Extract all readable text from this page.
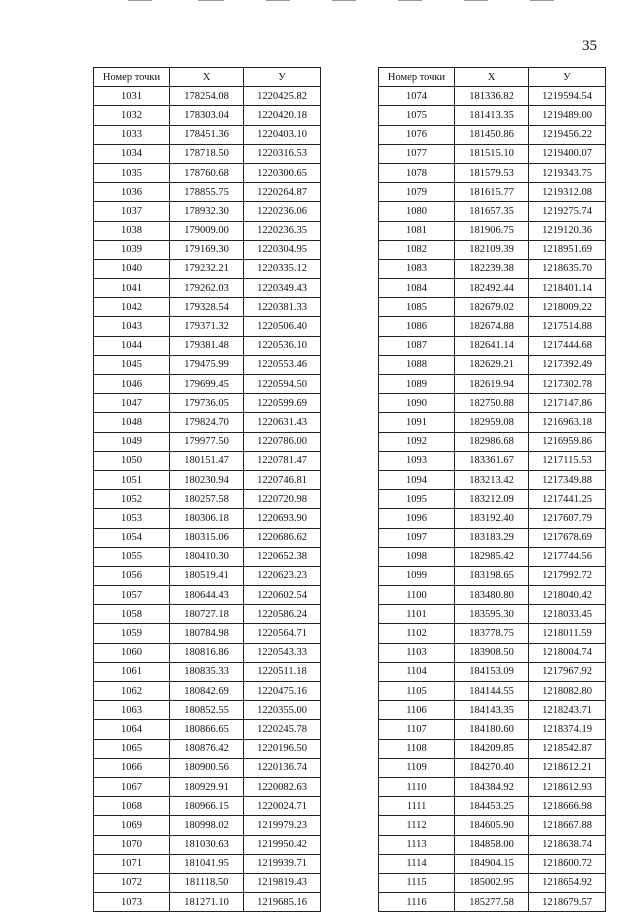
35
Номер точки	X	У
1031	178254.08	1220425.82
1032	178303.04	1220420.18
1033	178451.36	1220403.10
1034	178718.50	1220316.53
1035	178760.68	1220300.65
1036	178855.75	1220264.87
1037	178932.30	1220236.06
1038	179009.00	1220236.35
1039	179169.30	1220304.95
1040	179232.21	1220335.12
1041	179262.03	1220349.43
1042	179328.54	1220381.33
1043	179371.32	1220506.40
1044	179381.48	1220536.10
1045	179475.99	1220553.46
1046	179699.45	1220594.50
1047	179736.05	1220599.69
1048	179824.70	1220631.43
1049	179977.50	1220786.00
1050	180151.47	1220781.47
1051	180230.94	1220746.81
1052	180257.58	1220720.98
1053	180306.18	1220693.90
1054	180315.06	1220686.62
1055	180410.30	1220652.38
1056	180519.41	1220623.23
1057	180644.43	1220602.54
1058	180727.18	1220586.24
1059	180784.98	1220564.71
1060	180816.86	1220543.33
1061	180835.33	1220511.18
1062	180842.69	1220475.16
1063	180852.55	1220355.00
1064	180866.65	1220245.78
1065	180876.42	1220196.50
1066	180900.56	1220136.74
1067	180929.91	1220082.63
1068	180966.15	1220024.71
1069	180998.02	1219979.23
1070	181030.63	1219950.42
1071	181041.95	1219939.71
1072	181118.50	1219819.43
1073	181271.10	1219685.16
Номер точки	X	У
1074	181336.82	1219594.54
1075	181413.35	1219489.00
1076	181450.86	1219456.22
1077	181515.10	1219400.07
1078	181579.53	1219343.75
1079	181615.77	1219312.08
1080	181657.35	1219275.74
1081	181906.75	1219120.36
1082	182109.39	1218951.69
1083	182239.38	1218635.70
1084	182492.44	1218401.14
1085	182679.02	1218009.22
1086	182674.88	1217514.88
1087	182641.14	1217444.68
1088	182629.21	1217392.49
1089	182619.94	1217302.78
1090	182750.88	1217147.86
1091	182959.08	1216963.18
1092	182986.68	1216959.86
1093	183361.67	1217115.53
1094	183213.42	1217349.88
1095	183212.09	1217441.25
1096	183192.40	1217607.79
1097	183183.29	1217678.69
1098	182985.42	1217744.56
1099	183198.65	1217992.72
1100	183480.80	1218040.42
1101	183595.30	1218033.45
1102	183778.75	1218011.59
1103	183908.50	1218004.74
1104	184153.09	1217967.92
1105	184144.55	1218082.80
1106	184143.35	1218243.71
1107	184180.60	1218374.19
1108	184209.85	1218542.87
1109	184270.40	1218612.21
1110	184384.92	1218612.93
1111	184453.25	1218666.98
1112	184605.90	1218667.88
1113	184858.00	1218638.74
1114	184904.15	1218600.72
1115	185002.95	1218654.92
1116	185277.58	1218679.57
